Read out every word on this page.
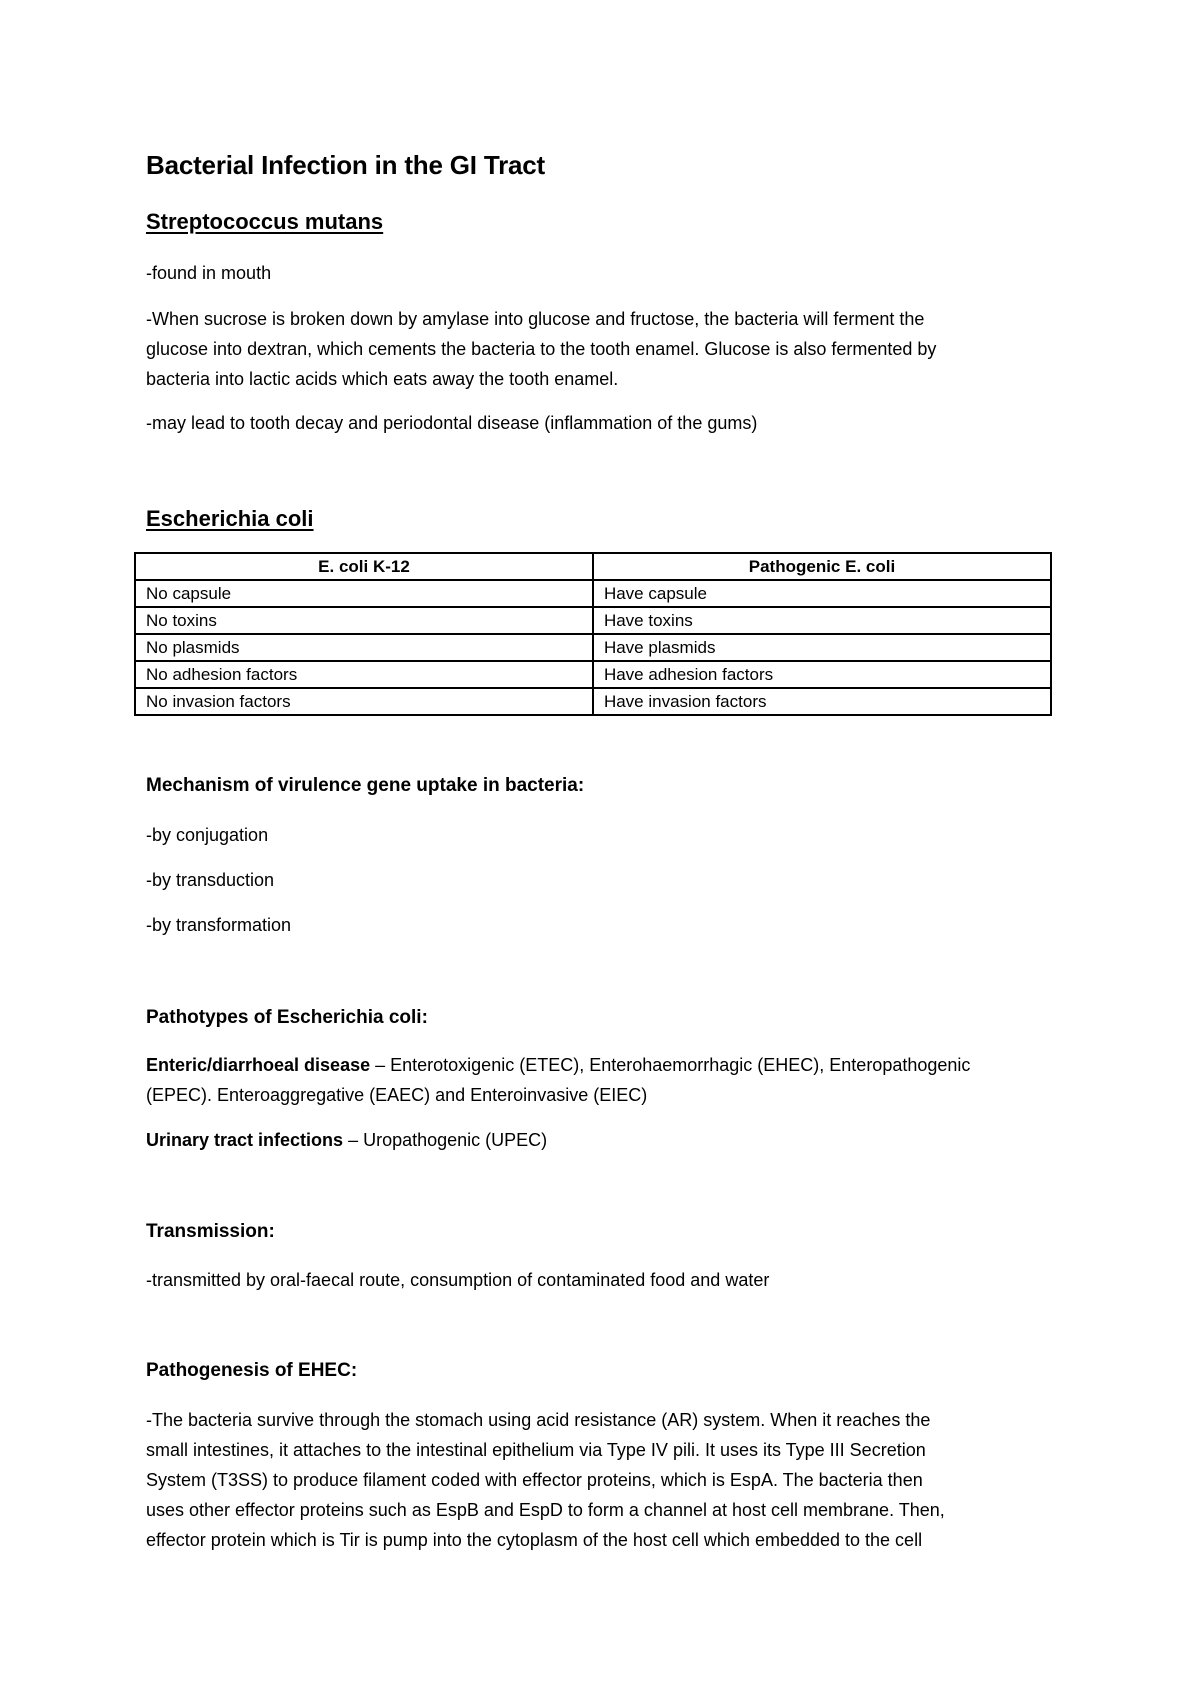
Bacterial Infection in the GI Tract
Streptococcus mutans

-found in mouth

-When sucrose is broken down by amylase into glucose and fructose, the bacteria will ferment the
glucose into dextran, which cements the bacteria to the tooth enamel. Glucose is also fermented by
bacteria into lactic acids which eats away the tooth enamel.

-may lead to tooth decay and periodontal disease (inflammation of the gums)

Escherichia coli
E. coli K-12	Pathogenic E. coli
No capsule	Have capsule
No toxins	Have toxins
No plasmids	Have plasmids
No adhesion factors	Have adhesion factors
No invasion factors	Have invasion factors
Mechanism of virulence gene uptake in bacteria:

-by conjugation

-by transduction

-by transformation

Pathotypes of Escherichia coli:

Enteric/diarrhoeal disease – Enterotoxigenic (ETEC), Enterohaemorrhagic (EHEC), Enteropathogenic
(EPEC). Enteroaggregative (EAEC) and Enteroinvasive (EIEC)

Urinary tract infections – Uropathogenic (UPEC)

Transmission:

-transmitted by oral-faecal route, consumption of contaminated food and water

Pathogenesis of EHEC:

-The bacteria survive through the stomach using acid resistance (AR) system. When it reaches the
small intestines, it attaches to the intestinal epithelium via Type IV pili. It uses its Type III Secretion
System (T3SS) to produce filament coded with effector proteins, which is EspA. The bacteria then
uses other effector proteins such as EspB and EspD to form a channel at host cell membrane. Then,
effector protein which is Tir is pump into the cytoplasm of the host cell which embedded to the cell
